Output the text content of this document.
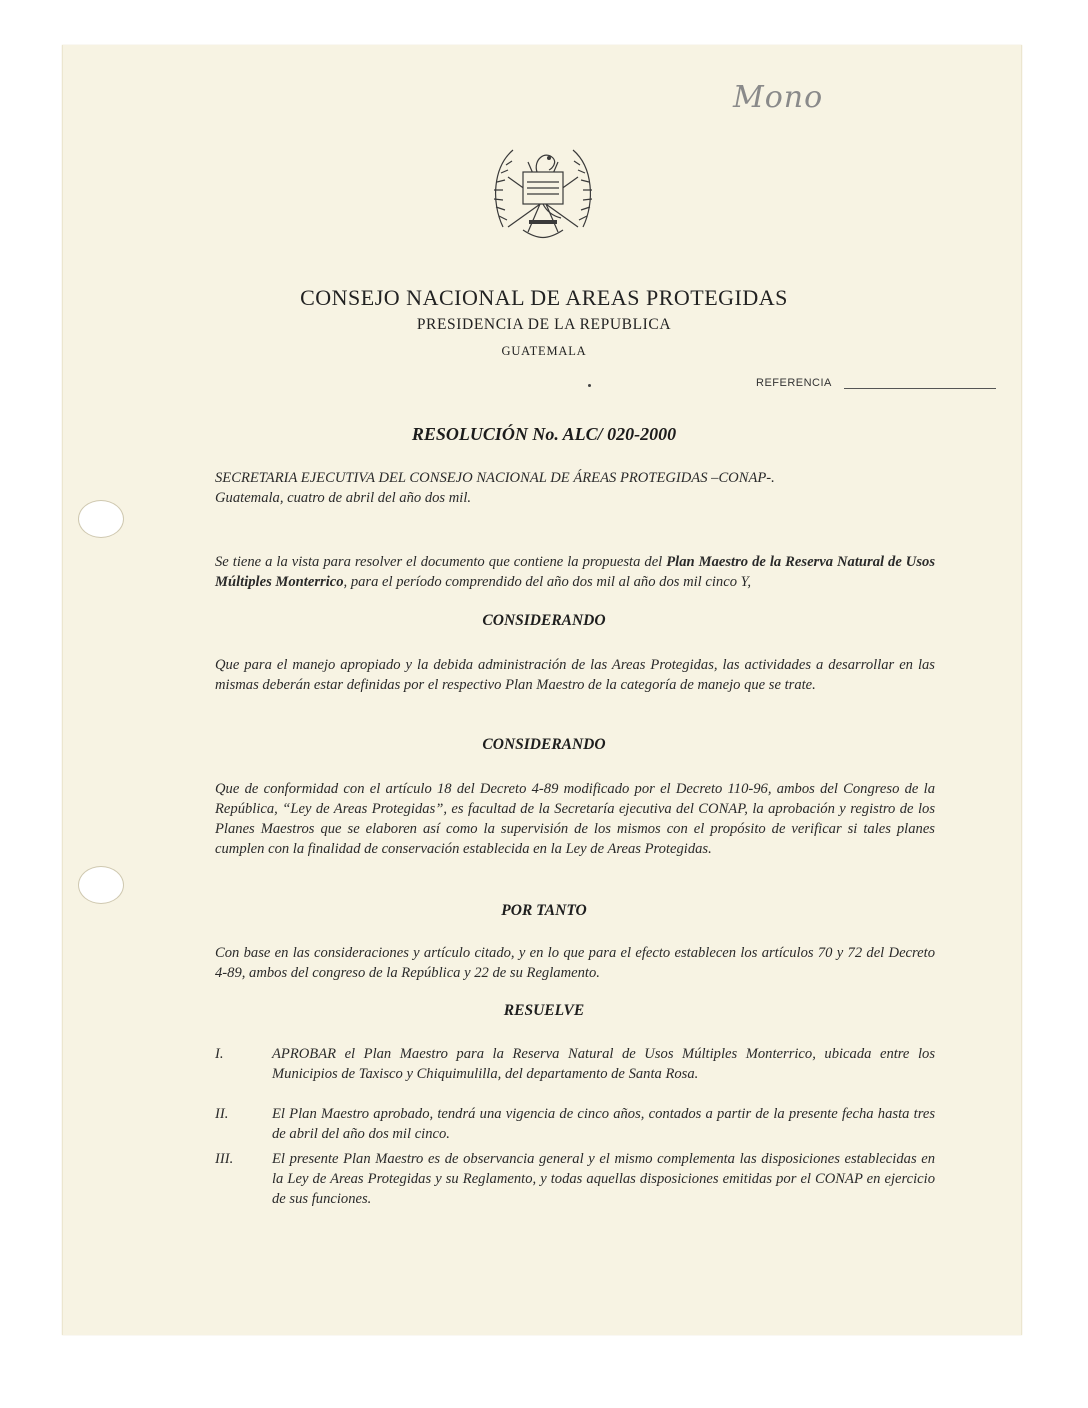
Mono
CONSEJO NACIONAL DE AREAS PROTEGIDAS
PRESIDENCIA DE LA REPUBLICA
GUATEMALA
REFERENCIA
RESOLUCIÓN No. ALC/ 020-2000
SECRETARIA EJECUTIVA DEL CONSEJO NACIONAL DE ÁREAS PROTEGIDAS –CONAP-.
Guatemala, cuatro de abril del año dos mil.
Se tiene a la vista para resolver el documento que contiene la propuesta del Plan Maestro de la Reserva Natural de Usos Múltiples Monterrico, para el período comprendido del año dos mil al año dos mil cinco Y,
CONSIDERANDO
Que para el manejo apropiado y la debida administración de las Areas Protegidas, las actividades a desarrollar en las mismas deberán estar definidas por el respectivo Plan Maestro de la categoría de manejo que se trate.
CONSIDERANDO
Que de conformidad con el artículo 18 del Decreto 4-89 modificado por el Decreto 110-96, ambos del Congreso de la República, “Ley de Areas Protegidas”, es facultad de la Secretaría ejecutiva del CONAP, la aprobación y registro de los Planes Maestros que se elaboren así como la supervisión de los mismos con el propósito de verificar si tales planes cumplen con la finalidad de conservación establecida en la Ley de Areas Protegidas.
POR TANTO
Con base en las consideraciones y artículo citado, y en lo que para el efecto establecen los artículos 70 y 72 del Decreto 4-89, ambos del congreso de la República y 22 de su Reglamento.
RESUELVE
I.	APROBAR el Plan Maestro para la Reserva Natural de Usos Múltiples Monterrico, ubicada entre los Municipios de Taxisco y Chiquimulilla, del departamento de Santa Rosa.
II.	El Plan Maestro aprobado, tendrá una vigencia de cinco años, contados a partir de la presente fecha hasta tres de abril del año dos mil cinco.
III.	El presente Plan Maestro es de observancia general y el mismo complementa las disposiciones establecidas en la Ley de Areas Protegidas y su Reglamento, y todas aquellas disposiciones emitidas por el CONAP en ejercicio de sus funciones.
